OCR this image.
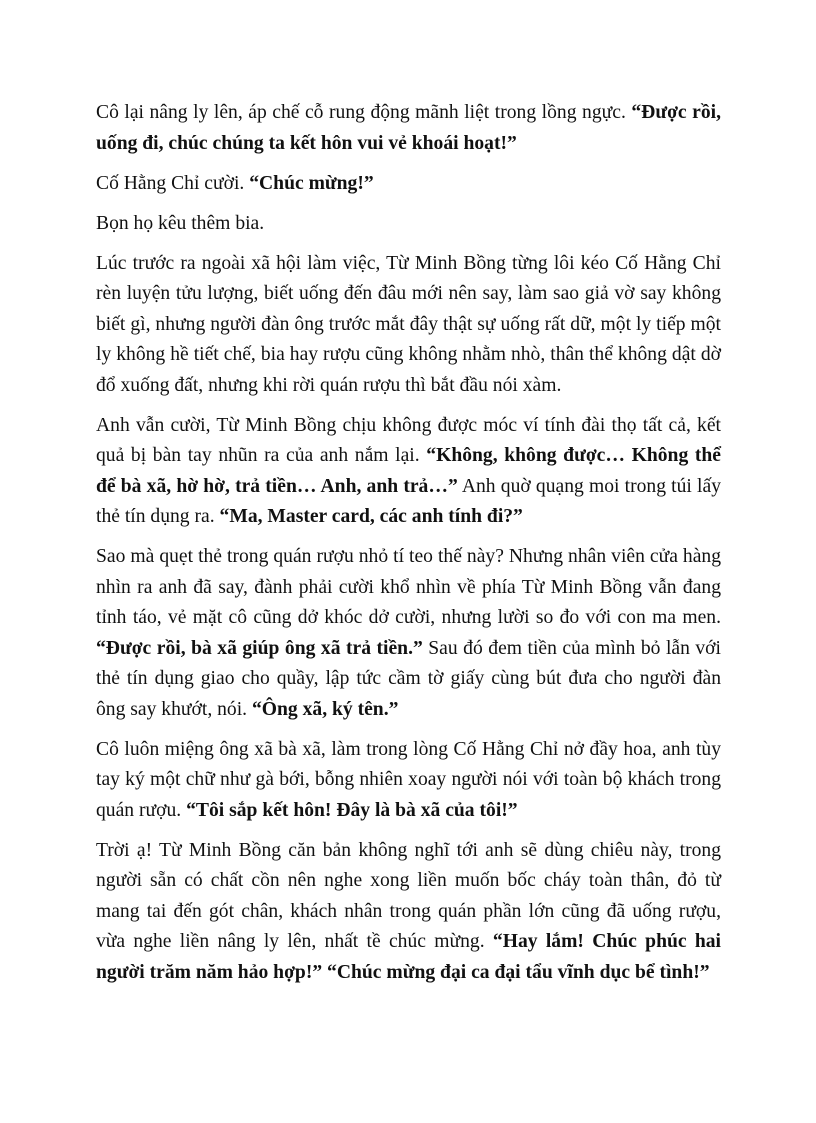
Cô lại nâng ly lên, áp chế cỗ rung động mãnh liệt trong lồng ngực. “Được rồi, uống đi, chúc chúng ta kết hôn vui vẻ khoái hoạt!”

Cố Hằng Chỉ cười. “Chúc mừng!”

Bọn họ kêu thêm bia.

Lúc trước ra ngoài xã hội làm việc, Từ Minh Bồng từng lôi kéo Cố Hằng Chỉ rèn luyện tửu lượng, biết uống đến đâu mới nên say, làm sao giả vờ say không biết gì, nhưng người đàn ông trước mắt đây thật sự uống rất dữ, một ly tiếp một ly không hề tiết chế, bia hay rượu cũng không nhằm nhò, thân thể không dật dờ đổ xuống đất, nhưng khi rời quán rượu thì bắt đầu nói xàm.

Anh vẫn cười, Từ Minh Bồng chịu không được móc ví tính đài thọ tất cả, kết quả bị bàn tay nhũn ra của anh nắm lại. “Không, không được… Không thể để bà xã, hờ hờ, trả tiền… Anh, anh trả…” Anh quờ quạng moi trong túi lấy thẻ tín dụng ra. “Ma, Master card, các anh tính đi?”

Sao mà quẹt thẻ trong quán rượu nhỏ tí teo thế này? Nhưng nhân viên cửa hàng nhìn ra anh đã say, đành phải cười khổ nhìn về phía Từ Minh Bồng vẫn đang tỉnh táo, vẻ mặt cô cũng dở khóc dở cười, nhưng lười so đo với con ma men. “Được rồi, bà xã giúp ông xã trả tiền.” Sau đó đem tiền của mình bỏ lẫn với thẻ tín dụng giao cho quầy, lập tức cầm tờ giấy cùng bút đưa cho người đàn ông say khướt, nói. “Ông xã, ký tên.”

Cô luôn miệng ông xã bà xã, làm trong lòng Cố Hằng Chỉ nở đầy hoa, anh tùy tay ký một chữ như gà bới, bỗng nhiên xoay người nói với toàn bộ khách trong quán rượu. “Tôi sắp kết hôn! Đây là bà xã của tôi!”

Trời ạ! Từ Minh Bồng căn bản không nghĩ tới anh sẽ dùng chiêu này, trong người sẵn có chất cồn nên nghe xong liền muốn bốc cháy toàn thân, đỏ từ mang tai đến gót chân, khách nhân trong quán phần lớn cũng đã uống rượu, vừa nghe liền nâng ly lên, nhất tề chúc mừng. “Hay lắm! Chúc phúc hai người trăm năm hảo hợp!” “Chúc mừng đại ca đại tẩu vĩnh dục bể tình!”
